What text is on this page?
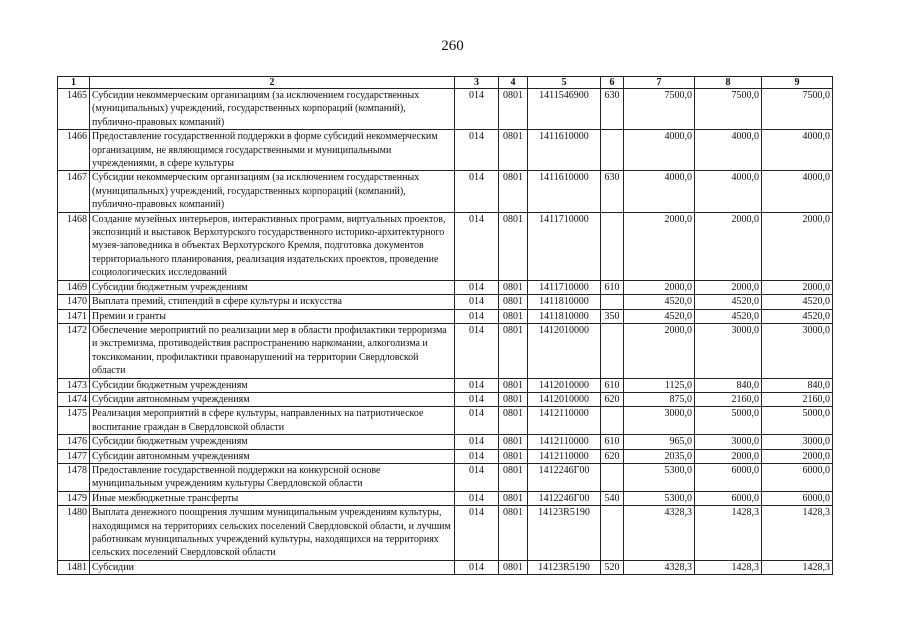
260
1	2	3	4	5	6	7	8	9
1465	Субсидии некоммерческим организациям (за исключением государственных (муниципальных) учреждений, государственных корпораций (компаний), публично-правовых компаний)	014	0801	1411546900	630	7500,0	7500,0	7500,0
1466	Предоставление государственной поддержки в форме субсидий некоммерческим организациям, не являющимся государственными и муниципальными учреждениями, в сфере культуры	014	0801	1411610000		4000,0	4000,0	4000,0
1467	Субсидии некоммерческим организациям (за исключением государственных (муниципальных) учреждений, государственных корпораций (компаний), публично-правовых компаний)	014	0801	1411610000	630	4000,0	4000,0	4000,0
1468	Создание музейных интерьеров, интерактивных программ, виртуальных проектов, экспозиций и выставок Верхотурского государственного историко-архитектурного музея-заповедника в объектах Верхотурского Кремля, подготовка документов территориального планирования, реализация издательских проектов, проведение социологических исследований	014	0801	1411710000		2000,0	2000,0	2000,0
1469	Субсидии бюджетным учреждениям	014	0801	1411710000	610	2000,0	2000,0	2000,0
1470	Выплата премий, стипендий в сфере культуры и искусства	014	0801	1411810000		4520,0	4520,0	4520,0
1471	Премии и гранты	014	0801	1411810000	350	4520,0	4520,0	4520,0
1472	Обеспечение мероприятий по реализации мер в области профилактики терроризма и экстремизма, противодействия распространению наркомании, алкоголизма и токсикомании, профилактики правонарушений на территории Свердловской области	014	0801	1412010000		2000,0	3000,0	3000,0
1473	Субсидии бюджетным учреждениям	014	0801	1412010000	610	1125,0	840,0	840,0
1474	Субсидии автономным учреждениям	014	0801	1412010000	620	875,0	2160,0	2160,0
1475	Реализация мероприятий в сфере культуры, направленных на патриотическое воспитание граждан в Свердловской области	014	0801	1412110000		3000,0	5000,0	5000,0
1476	Субсидии бюджетным учреждениям	014	0801	1412110000	610	965,0	3000,0	3000,0
1477	Субсидии автономным учреждениям	014	0801	1412110000	620	2035,0	2000,0	2000,0
1478	Предоставление государственной поддержки на конкурсной основе муниципальным учреждениям культуры Свердловской области	014	0801	1412246Г00		5300,0	6000,0	6000,0
1479	Иные межбюджетные трансферты	014	0801	1412246Г00	540	5300,0	6000,0	6000,0
1480	Выплата денежного поощрения лучшим муниципальным учреждениям культуры, находящимся на территориях сельских поселений Свердловской области, и лучшим работникам муниципальных учреждений культуры, находящихся на территориях сельских поселений Свердловской области	014	0801	14123R5190		4328,3	1428,3	1428,3
1481	Субсидии	014	0801	14123R5190	520	4328,3	1428,3	1428,3
